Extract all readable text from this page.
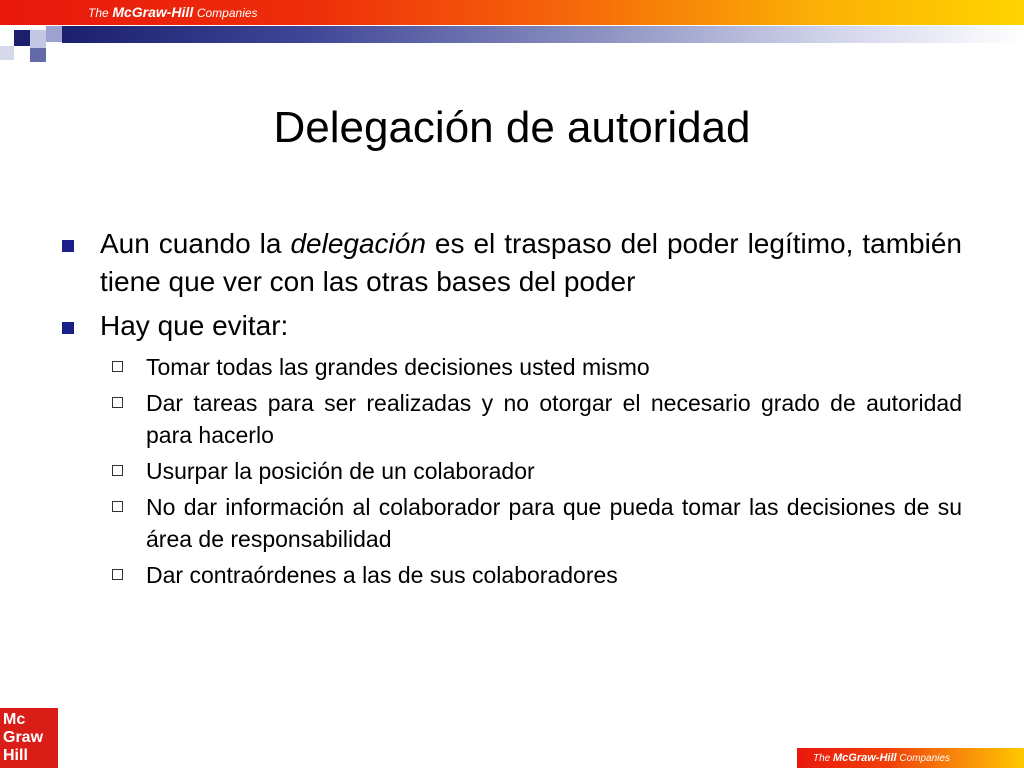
The McGraw-Hill Companies
Delegación de autoridad
Aun cuando la delegación es el traspaso del poder legítimo, también tiene que ver con las otras bases del poder
Hay que evitar:
Tomar todas las grandes decisiones usted mismo
Dar tareas para ser realizadas y no otorgar el necesario grado de autoridad para hacerlo
Usurpar la posición de un colaborador
No dar información al colaborador para que pueda tomar las decisiones de su área de responsabilidad
Dar contraórdenes a las de sus colaboradores
Mc
Graw
Hill	The McGraw-Hill Companies
